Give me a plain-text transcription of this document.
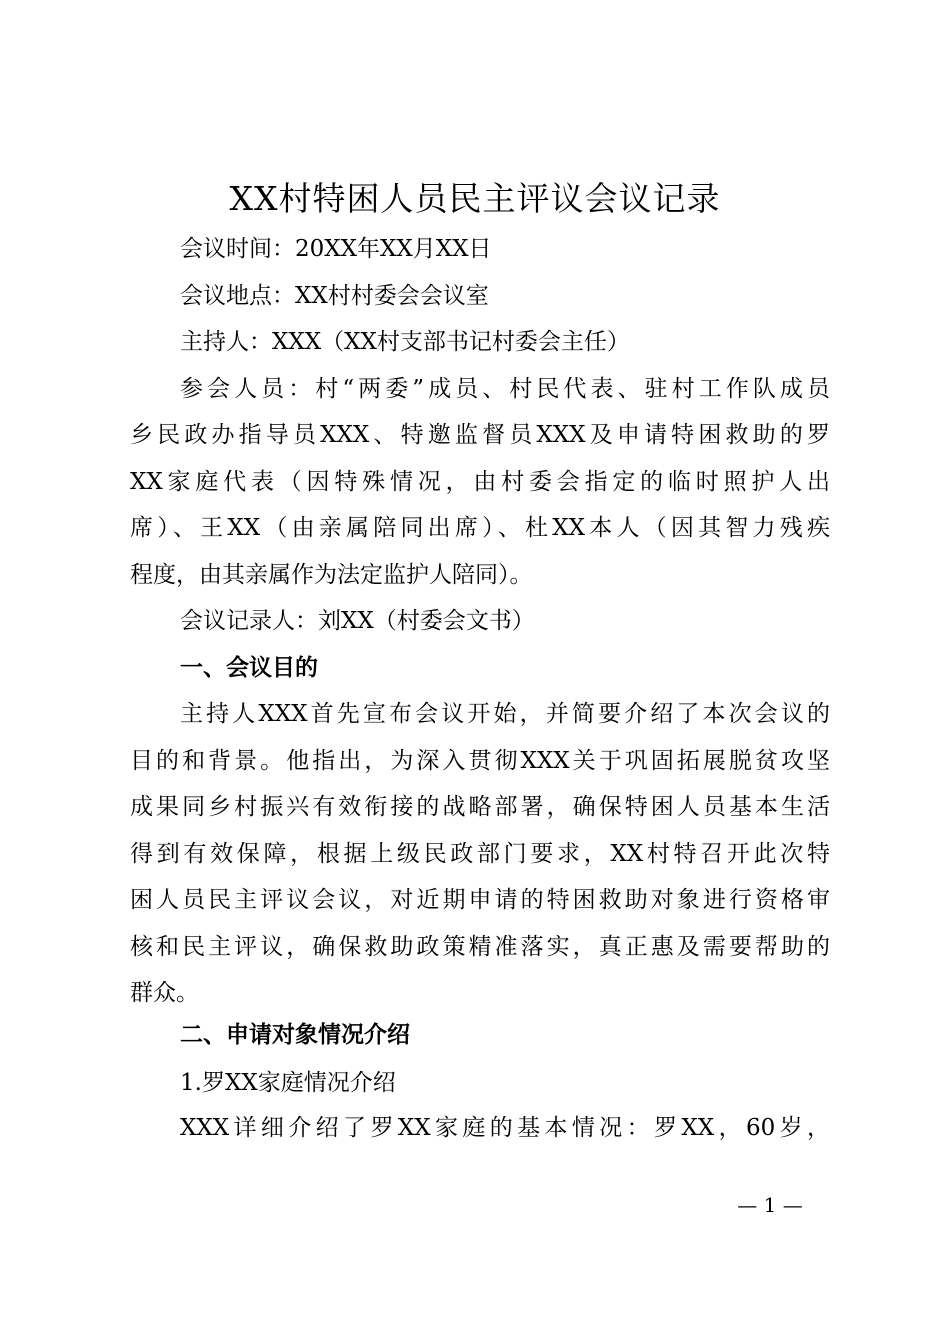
XX村特困人员民主评议会议记录
会议时间：20XX年XX月XX日
会议地点：XX村村委会会议室
主持人：XXX（XX村支部书记村委会主任）
参会人员：村“两委”成员、村民代表、驻村工作队成员
乡民政办指导员XXX、特邀监督员XXX及申请特困救助的罗
XX家庭代表（因特殊情况，由村委会指定的临时照护人出
席）、王XX（由亲属陪同出席）、杜XX本人（因其智力残疾
程度，由其亲属作为法定监护人陪同）。
会议记录人：刘XX（村委会文书）
一、会议目的
主持人XXX首先宣布会议开始，并简要介绍了本次会议的
目的和背景。他指出，为深入贯彻XXX关于巩固拓展脱贫攻坚
成果同乡村振兴有效衔接的战略部署，确保特困人员基本生活
得到有效保障，根据上级民政部门要求，XX村特召开此次特
困人员民主评议会议，对近期申请的特困救助对象进行资格审
核和民主评议，确保救助政策精准落实，真正惠及需要帮助的
群众。
二、申请对象情况介绍
1.罗XX家庭情况介绍
XXX详细介绍了罗XX家庭的基本情况：罗XX，60岁，
— 1 —
